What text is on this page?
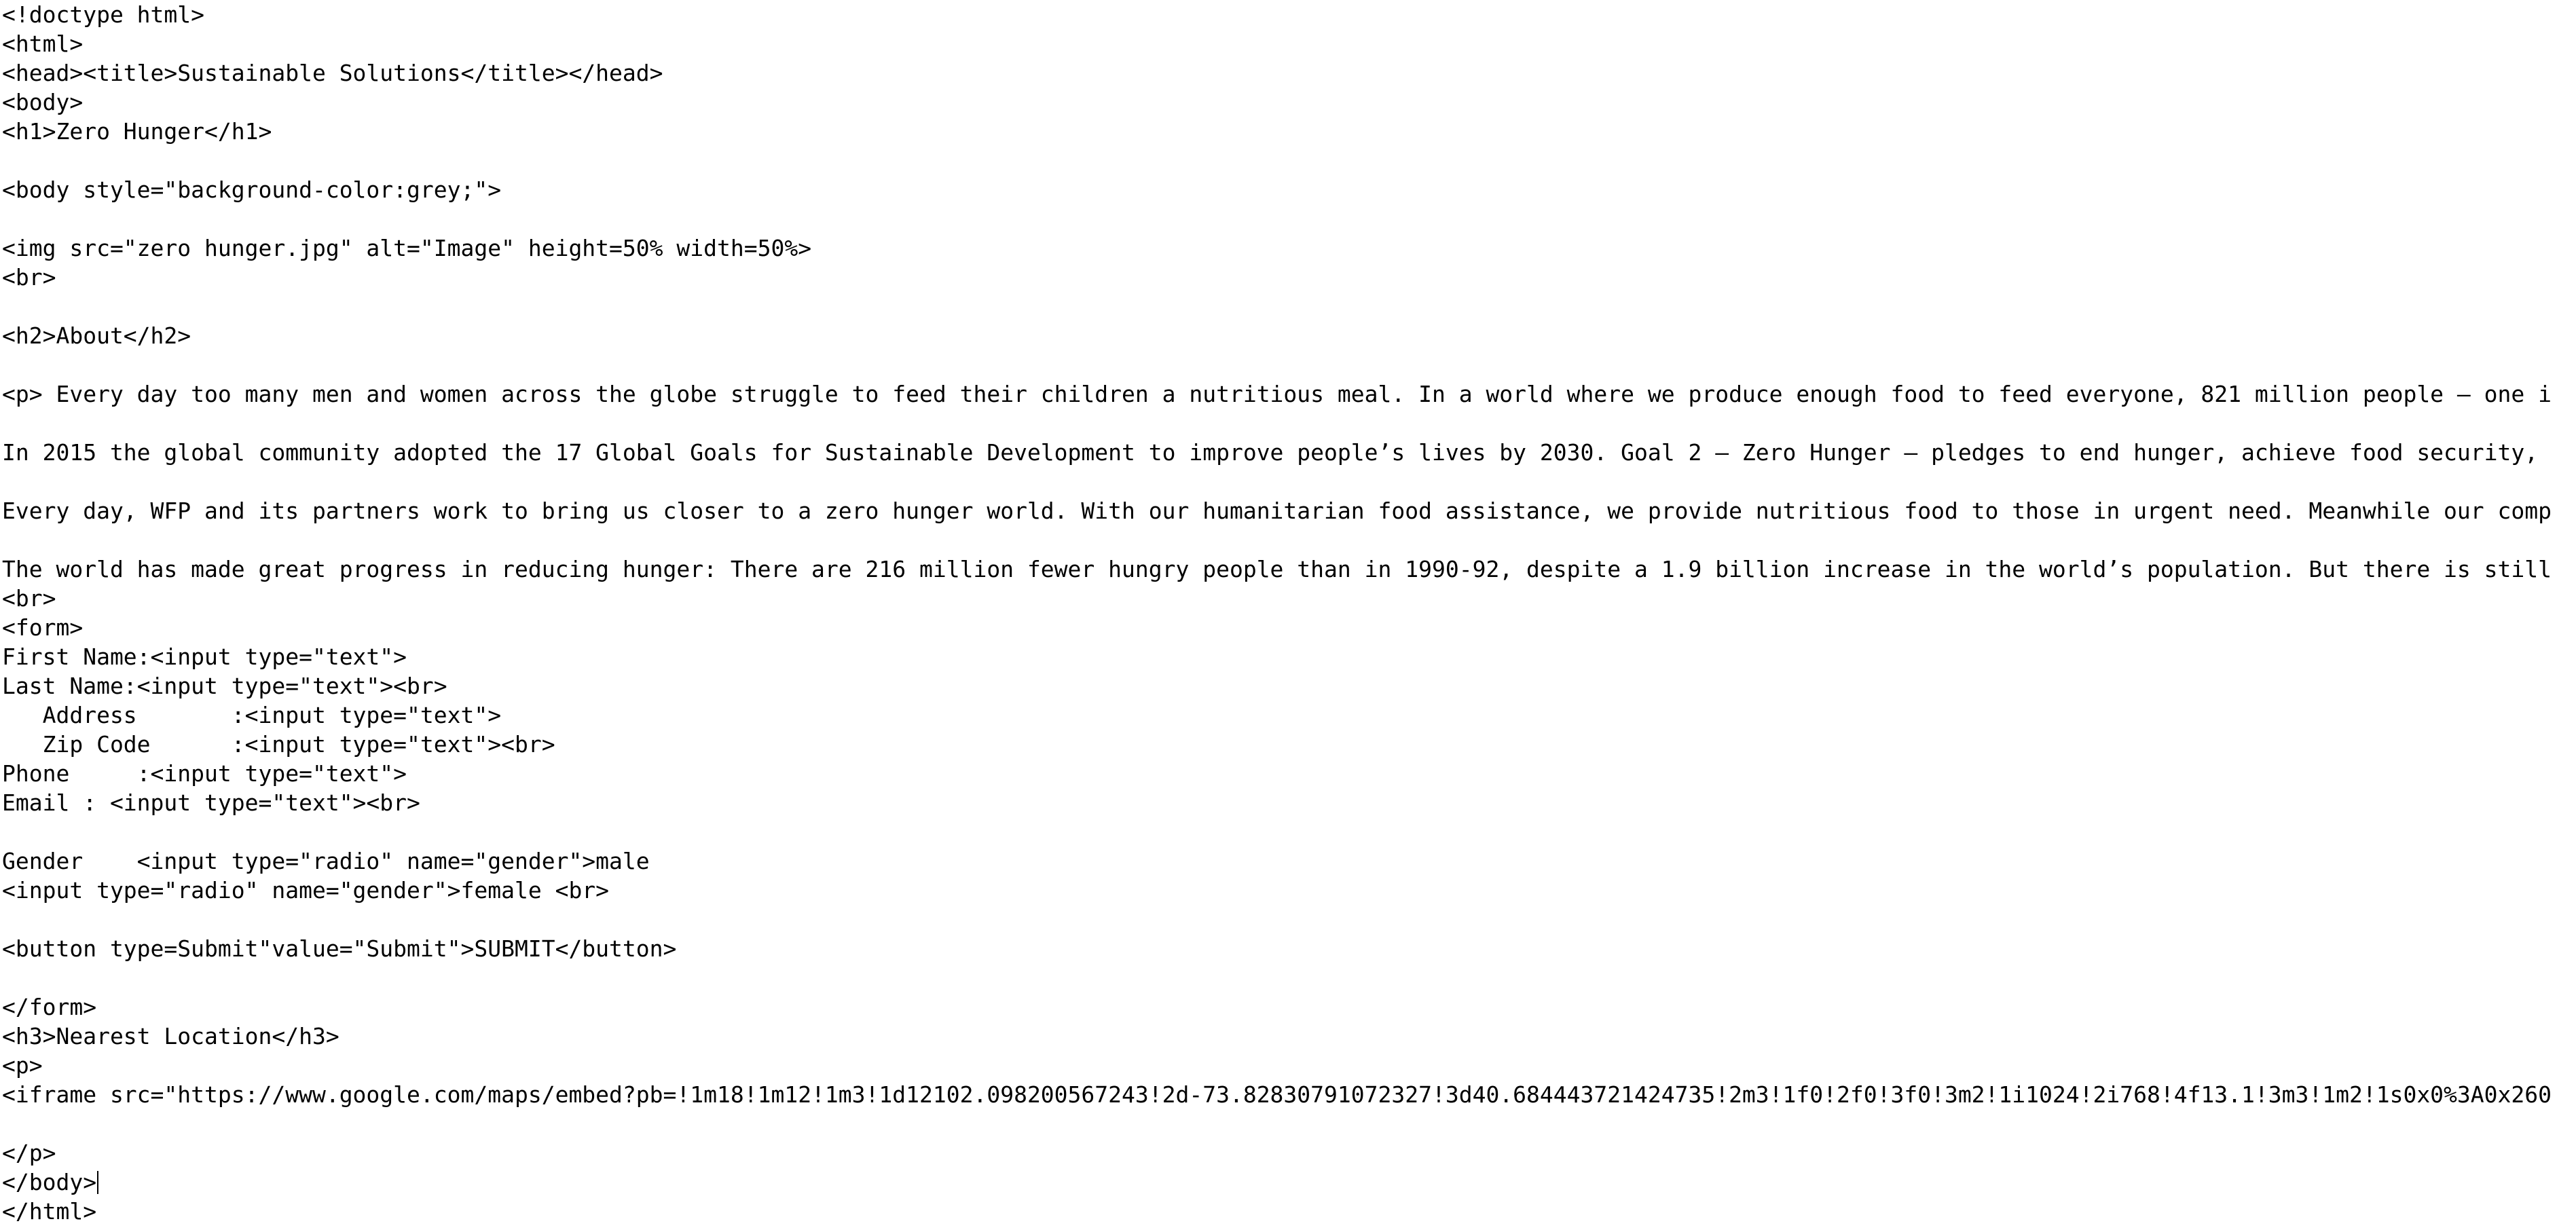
<!doctype html>
<html>
<head><title>Sustainable Solutions</title></head>
<body>
<h1>Zero Hunger</h1>
<body style="background-color:grey;">
<img src="zero hunger.jpg" alt="Image" height=50% width=50%>
<br>
<h2>About</h2>
<p> Every day too many men and women across the globe struggle to feed their children a nutritious meal. In a world where we produce enough food to feed everyone, 821 million people – one i
In 2015 the global community adopted the 17 Global Goals for Sustainable Development to improve people’s lives by 2030. Goal 2 – Zero Hunger – pledges to end hunger, achieve food security,
Every day, WFP and its partners work to bring us closer to a zero hunger world. With our humanitarian food assistance, we provide nutritious food to those in urgent need. Meanwhile our comp
The world has made great progress in reducing hunger: There are 216 million fewer hungry people than in 1990-92, despite a 1.9 billion increase in the world’s population. But there is still
<br>
<form>
First Name:<input type="text">
Last Name:<input type="text"><br>
Address       :<input type="text">
Zip Code      :<input type="text"><br>
Phone     :<input type="text">
Email : <input type="text"><br>
Gender    <input type="radio" name="gender">male
<input type="radio" name="gender">female <br>
<button type=Submit"value="Submit">SUBMIT</button>
</form>
<h3>Nearest Location</h3>
<p>
<iframe src="https://www.google.com/maps/embed?pb=!1m18!1m12!1m3!1d12102.098200567243!2d-73.82830791072327!3d40.684443721424735!2m3!1f0!2f0!3f0!3m2!1i1024!2i768!4f13.1!3m3!1m2!1s0x0%3A0x260
</p>
</body>
</html>
